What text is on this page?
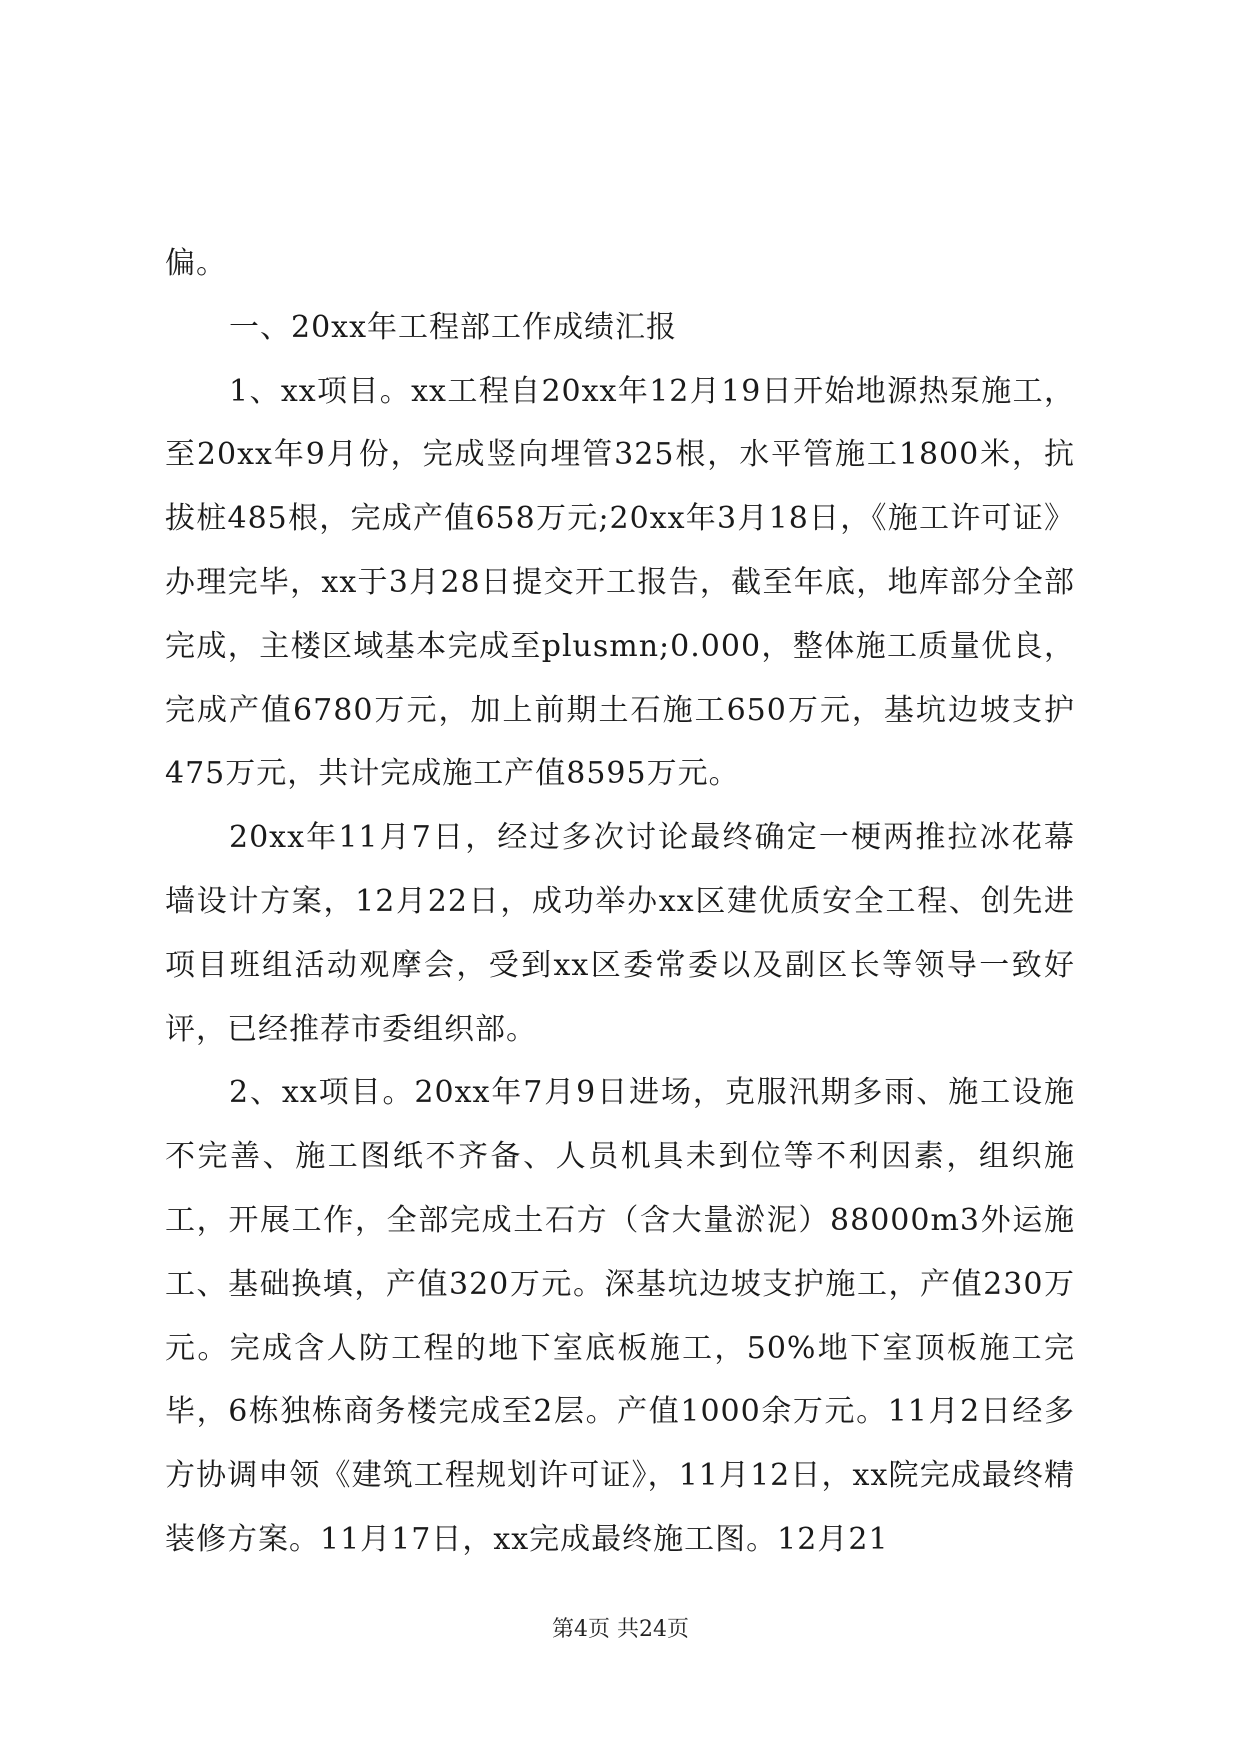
偏。

一、20xx年工程部工作成绩汇报

1、xx项目。xx工程自20xx年12月19日开始地源热泵施工，至20xx年9月份，完成竖向埋管325根，水平管施工1800米，抗拔桩485根，完成产值658万元;20xx年3月18日，《施工许可证》办理完毕，xx于3月28日提交开工报告，截至年底，地库部分全部完成，主楼区域基本完成至plusmn;0.000，整体施工质量优良，完成产值6780万元，加上前期土石施工650万元，基坑边坡支护475万元，共计完成施工产值8595万元。

20xx年11月7日，经过多次讨论最终确定一梗两推拉冰花幕墙设计方案，12月22日，成功举办xx区建优质安全工程、创先进项目班组活动观摩会，受到xx区委常委以及副区长等领导一致好评，已经推荐市委组织部。

2、xx项目。20xx年7月9日进场，克服汛期多雨、施工设施不完善、施工图纸不齐备、人员机具未到位等不利因素，组织施工，开展工作，全部完成土石方（含大量淤泥）88000m3外运施工、基础换填，产值320万元。深基坑边坡支护施工，产值230万元。完成含人防工程的地下室底板施工，50%地下室顶板施工完毕，6栋独栋商务楼完成至2层。产值1000余万元。11月2日经多方协调申领《建筑工程规划许可证》，11月12日，xx院完成最终精装修方案。11月17日，xx完成最终施工图。12月21

第4页 共24页
